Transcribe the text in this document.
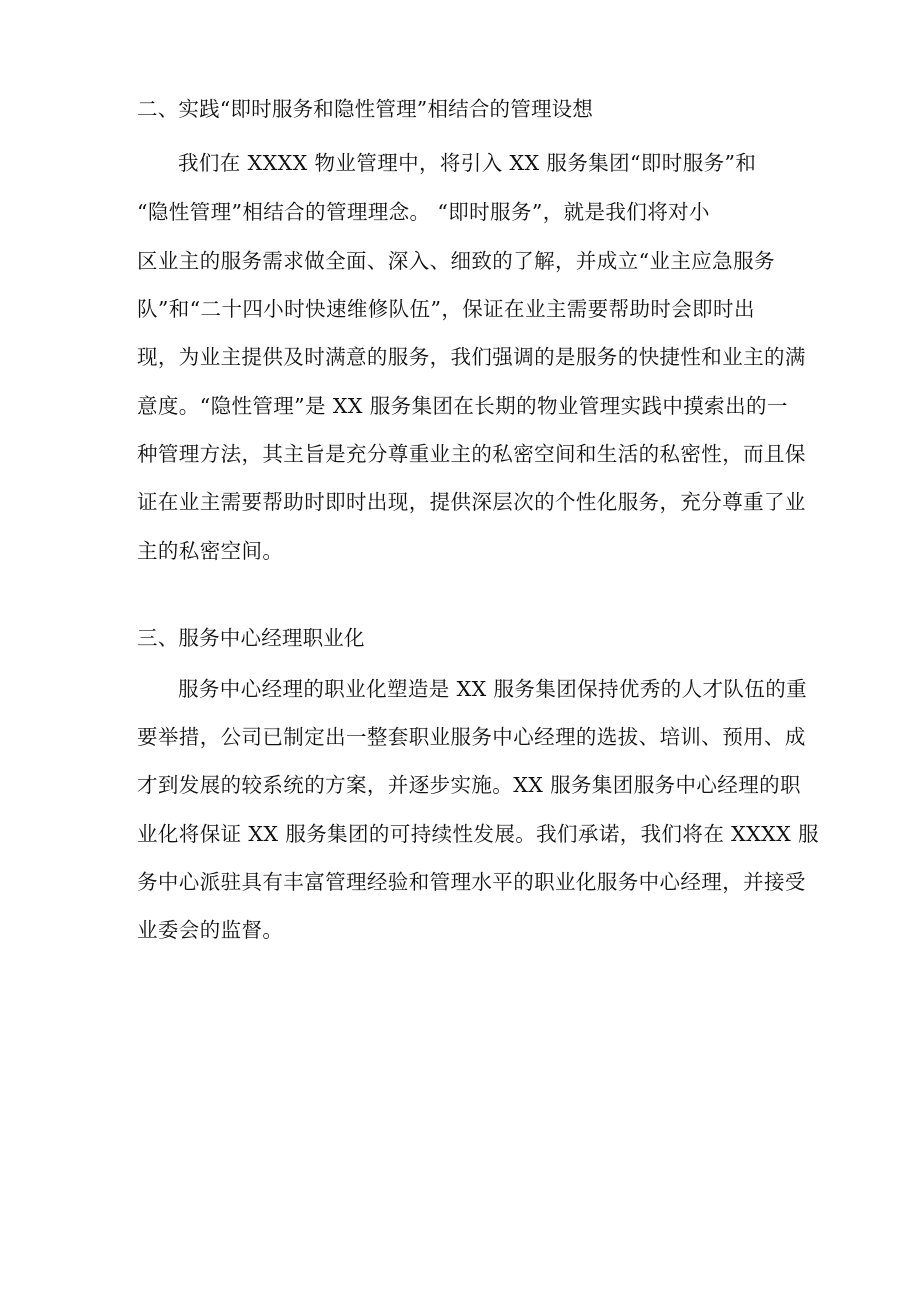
二、实践“即时服务和隐性管理”相结合的管理设想
我们在 XXXX 物业管理中，将引入 XX 服务集团“即时服务”和
“隐性管理”相结合的管理理念。 “即时服务”，就是我们将对小
区业主的服务需求做全面、深入、细致的了解，并成立“业主应急服务
队”和“二十四小时快速维修队伍”，保证在业主需要帮助时会即时出
现，为业主提供及时满意的服务，我们强调的是服务的快捷性和业主的满
意度。“隐性管理”是 XX 服务集团在长期的物业管理实践中摸索出的一
种管理方法，其主旨是充分尊重业主的私密空间和生活的私密性，而且保
证在业主需要帮助时即时出现，提供深层次的个性化服务，充分尊重了业
主的私密空间。
三、服务中心经理职业化
服务中心经理的职业化塑造是 XX 服务集团保持优秀的人才队伍的重
要举措，公司已制定出一整套职业服务中心经理的选拔、培训、预用、成
才到发展的较系统的方案，并逐步实施。XX 服务集团服务中心经理的职
业化将保证 XX 服务集团的可持续性发展。我们承诺，我们将在 XXXX 服
务中心派驻具有丰富管理经验和管理水平的职业化服务中心经理，并接受
业委会的监督。
